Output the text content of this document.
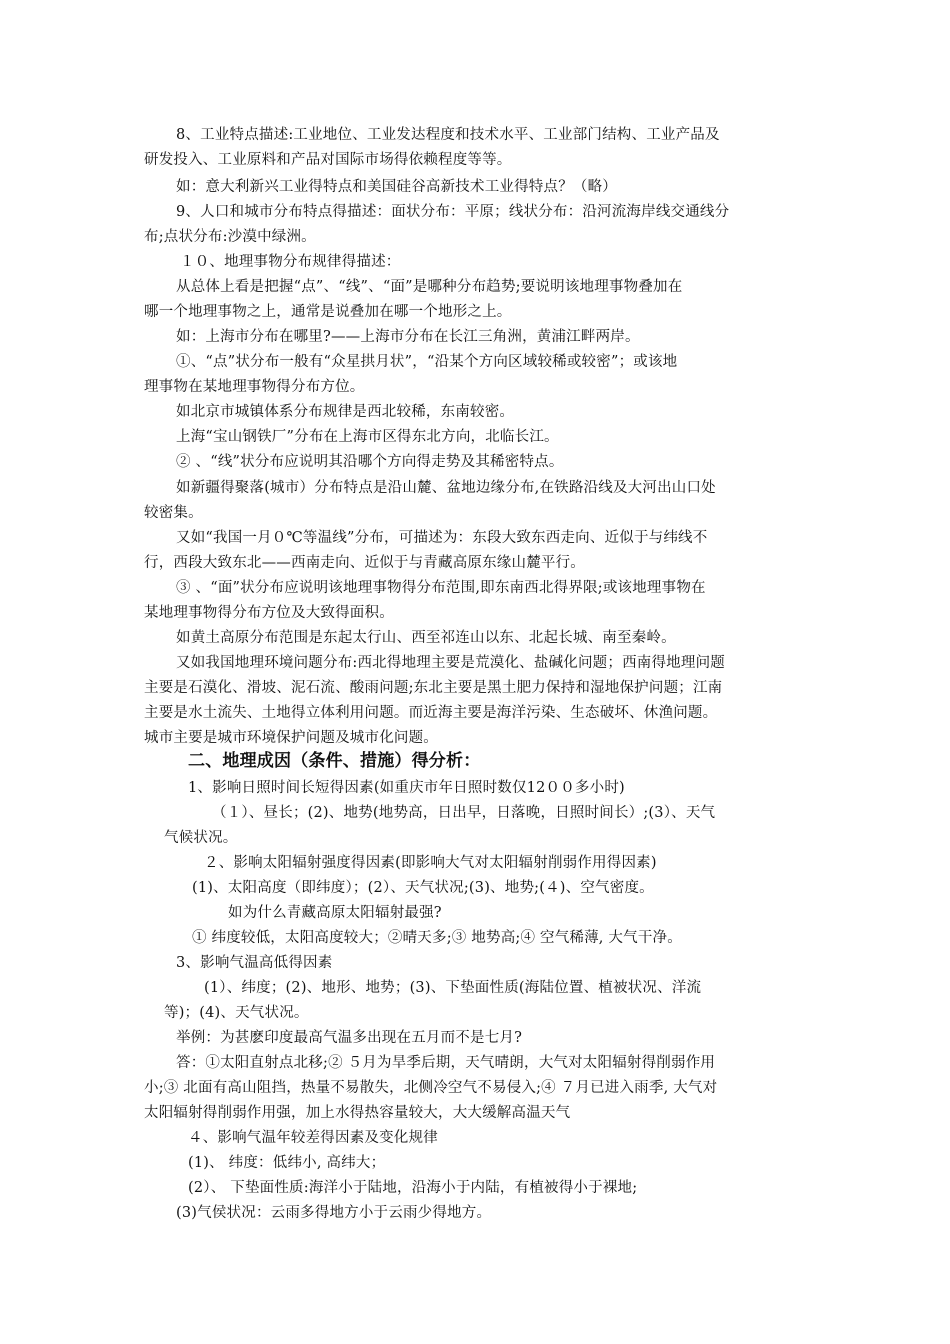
8、工业特点描述:工业地位、工业发达程度和技术水平、工业部门结构、工业产品及
研发投入、工业原料和产品对国际市场得依赖程度等等。
如：意大利新兴工业得特点和美国硅谷高新技术工业得特点？（略）
9、人口和城市分布特点得描述：面状分布：平原；线状分布：沿河流海岸线交通线分
布;点状分布:沙漠中绿洲。
１０、地理事物分布规律得描述：
从总体上看是把握“点”、“线”、“面”是哪种分布趋势;要说明该地理事物叠加在
哪一个地理事物之上，通常是说叠加在哪一个地形之上。
如：上海市分布在哪里?——上海市分布在长江三角洲，黄浦江畔两岸。
①、“点”状分布一般有“众星拱月状”，“沿某个方向区域较稀或较密”；或该地
理事物在某地理事物得分布方位。
如北京市城镇体系分布规律是西北较稀，东南较密。
上海“宝山钢铁厂”分布在上海市区得东北方向，北临长江。
② 、“线”状分布应说明其沿哪个方向得走势及其稀密特点。
如新疆得聚落(城市）分布特点是沿山麓、盆地边缘分布,在铁路沿线及大河出山口处
较密集。
又如“我国一月０℃等温线”分布，可描述为：东段大致东西走向、近似于与纬线不
行，西段大致东北——西南走向、近似于与青藏高原东缘山麓平行。
③ 、“面”状分布应说明该地理事物得分布范围,即东南西北得界限;或该地理事物在
某地理事物得分布方位及大致得面积。
如黄土高原分布范围是东起太行山、西至祁连山以东、北起长城、南至秦岭。
又如我国地理环境问题分布:西北得地理主要是荒漠化、盐碱化问题；西南得地理问题
主要是石漠化、滑坡、泥石流、酸雨问题;东北主要是黑土肥力保持和湿地保护问题；江南
主要是水土流失、土地得立体利用问题。而近海主要是海洋污染、生态破坏、休渔问题。
城市主要是城市环境保护问题及城市化问题。
二、地理成因（条件、措施）得分析：
1、影响日照时间长短得因素(如重庆市年日照时数仅12００多小时)
（１）、昼长；(2)、地势(地势高，日出早，日落晚，日照时间长）;(3）、天气
气候状况。
２、影响太阳辐射强度得因素(即影响大气对太阳辐射削弱作用得因素)
(1)、太阳高度（即纬度）；(2）、天气状况;(3)、地势;(４)、空气密度。
如为什么青藏高原太阳辐射最强?
① 纬度较低，太阳高度较大；②晴天多;③ 地势高;④ 空气稀薄, 大气干净。
3、影响气温高低得因素
(1）、纬度；(2)、地形、地势；(3)、下垫面性质(海陆位置、植被状况、洋流
等)；(4)、天气状况。
举例：为甚麽印度最高气温多出现在五月而不是七月?
答：①太阳直射点北移;② ５月为旱季后期，天气晴朗，大气对太阳辐射得削弱作用
小;③ 北面有高山阻挡，热量不易散失，北侧冷空气不易侵入;④ ７月已进入雨季, 大气对
太阳辐射得削弱作用强，加上水得热容量较大，大大缓解高温天气
４、影响气温年较差得因素及变化规律
(1)、 纬度：低纬小, 高纬大；
(2）、 下垫面性质:海洋小于陆地，沿海小于内陆，有植被得小于裸地;
(3)气侯状况：云雨多得地方小于云雨少得地方。
